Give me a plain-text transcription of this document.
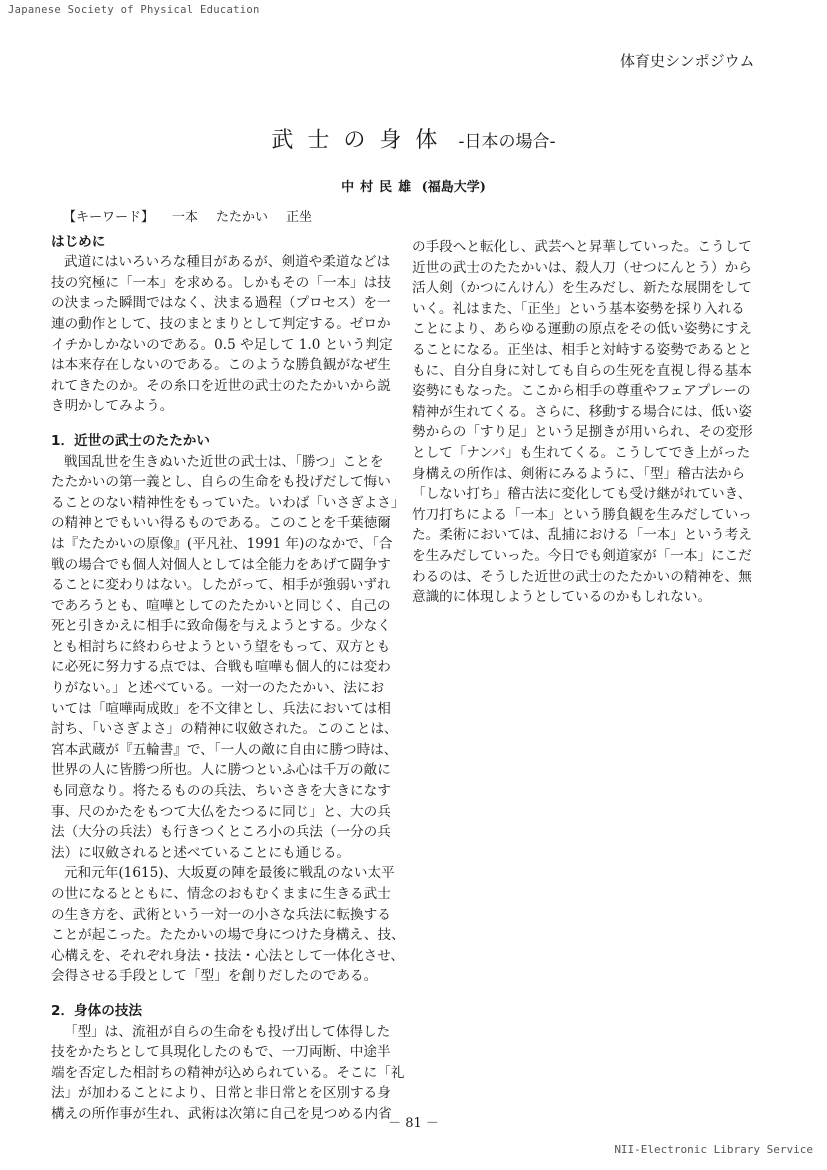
Japanese Society of Physical Education
体育史シンポジウム
武士の身体 -日本の場合-
中村民雄 (福島大学)
【キーワード】 一本 たたかい 正坐
はじめに
武道にはいろいろな種目があるが、剣道や柔道などは
技の究極に「一本」を求める。しかもその「一本」は技
の決まった瞬間ではなく、決まる過程（プロセス）を一
連の動作として、技のまとまりとして判定する。ゼロか
イチかしかないのである。0.5 や足して 1.0 という判定
は本来存在しないのである。このような勝負観がなぜ生
れてきたのか。その糸口を近世の武士のたたかいから説
き明かしてみよう。
1．近世の武士のたたかい
戦国乱世を生きぬいた近世の武士は、「勝つ」ことを
たたかいの第一義とし、自らの生命をも投げだして悔い
ることのない精神性をもっていた。いわば「いさぎよさ」
の精神とでもいい得るものである。このことを千葉徳爾
は『たたかいの原像』(平凡社、1991 年)のなかで、「合
戦の場合でも個人対個人としては全能力をあげて闘争す
ることに変わりはない。したがって、相手が強弱いずれ
であろうとも、喧嘩としてのたたかいと同じく、自己の
死と引きかえに相手に致命傷を与えようとする。少なく
とも相討ちに終わらせようという望をもって、双方とも
に必死に努力する点では、合戦も喧嘩も個人的には変わ
りがない。」と述べている。一対一のたたかい、法にお
いては「喧嘩両成敗」を不文律とし、兵法においては相
討ち、「いさぎよさ」の精神に収斂された。このことは、
宮本武蔵が『五輪書』で、「一人の敵に自由に勝つ時は、
世界の人に皆勝つ所也。人に勝つといふ心は千万の敵に
も同意なり。将たるものの兵法、ちいさきを大きになす
事、尺のかたをもつて大仏をたつるに同じ」と、大の兵
法（大分の兵法）も行きつくところ小の兵法（一分の兵
法）に収斂されると述べていることにも通じる。
元和元年(1615)、大坂夏の陣を最後に戦乱のない太平
の世になるとともに、情念のおもむくままに生きる武士
の生き方を、武術という一対一の小さな兵法に転換する
ことが起こった。たたかいの場で身につけた身構え、技、
心構えを、それぞれ身法・技法・心法として一体化させ、
会得させる手段として「型」を創りだしたのである。
2．身体の技法
「型」は、流祖が自らの生命をも投げ出して体得した
技をかたちとして具現化したのもで、一刀両断、中途半
端を否定した相討ちの精神が込められている。そこに「礼
法」が加わることにより、日常と非日常とを区別する身
構えの所作事が生れ、武術は次第に自己を見つめる内省
の手段へと転化し、武芸へと昇華していった。こうして
近世の武士のたたかいは、殺人刀（せつにんとう）から
活人剣（かつにんけん）を生みだし、新たな展開をして
いく。礼はまた、「正坐」という基本姿勢を採り入れる
ことにより、あらゆる運動の原点をその低い姿勢にすえ
ることになる。正坐は、相手と対峙する姿勢であるとと
もに、自分自身に対しても自らの生死を直視し得る基本
姿勢にもなった。ここから相手の尊重やフェアプレーの
精神が生れてくる。さらに、移動する場合には、低い姿
勢からの「すり足」という足捌きが用いられ、その変形
として「ナンバ」も生れてくる。こうしてでき上がった
身構えの所作は、剣術にみるように、「型」稽古法から
「しない打ち」稽古法に変化しても受け継がれていき、
竹刀打ちによる「一本」という勝負観を生みだしていっ
た。柔術においては、乱捕における「一本」という考え
を生みだしていった。今日でも剣道家が「一本」にこだ
わるのは、そうした近世の武士のたたかいの精神を、無
意識的に体現しようとしているのかもしれない。
－ 81 －
NII-Electronic Library Service
